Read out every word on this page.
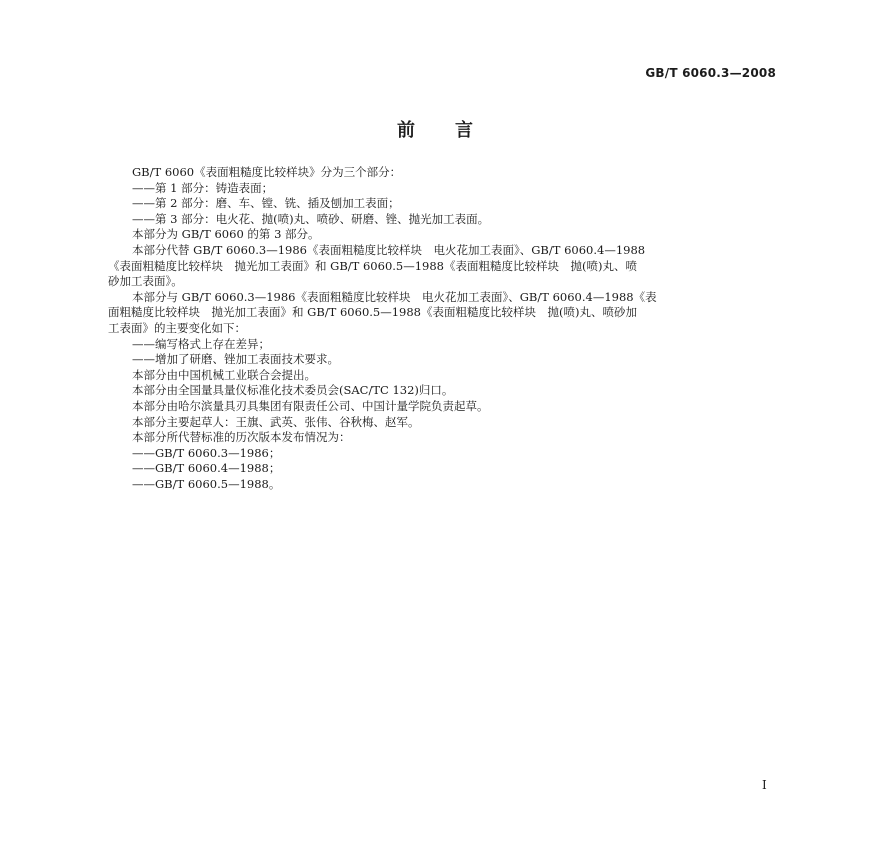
GB/T 6060.3—2008
前言

GB/T 6060《表面粗糙度比较样块》分为三个部分：

——第 1 部分：铸造表面；

——第 2 部分：磨、车、镗、铣、插及刨加工表面；

——第 3 部分：电火花、抛(喷)丸、喷砂、研磨、锉、抛光加工表面。

本部分为 GB/T 6060 的第 3 部分。

本部分代替 GB/T 6060.3—1986《表面粗糙度比较样块　电火花加工表面》、GB/T 6060.4—1988

《表面粗糙度比较样块　抛光加工表面》和 GB/T 6060.5—1988《表面粗糙度比较样块　抛(喷)丸、喷

砂加工表面》。

本部分与 GB/T 6060.3—1986《表面粗糙度比较样块　电火花加工表面》、GB/T 6060.4—1988《表

面粗糙度比较样块　抛光加工表面》和 GB/T 6060.5—1988《表面粗糙度比较样块　抛(喷)丸、喷砂加

工表面》的主要变化如下：

——编写格式上存在差异；

——增加了研磨、锉加工表面技术要求。

本部分由中国机械工业联合会提出。

本部分由全国量具量仪标准化技术委员会(SAC/TC 132)归口。

本部分由哈尔滨量具刃具集团有限责任公司、中国计量学院负责起草。

本部分主要起草人：王旗、武英、张伟、谷秋梅、赵军。

本部分所代替标准的历次版本发布情况为：

——GB/T 6060.3—1986；

——GB/T 6060.4—1988；

——GB/T 6060.5—1988。

I
